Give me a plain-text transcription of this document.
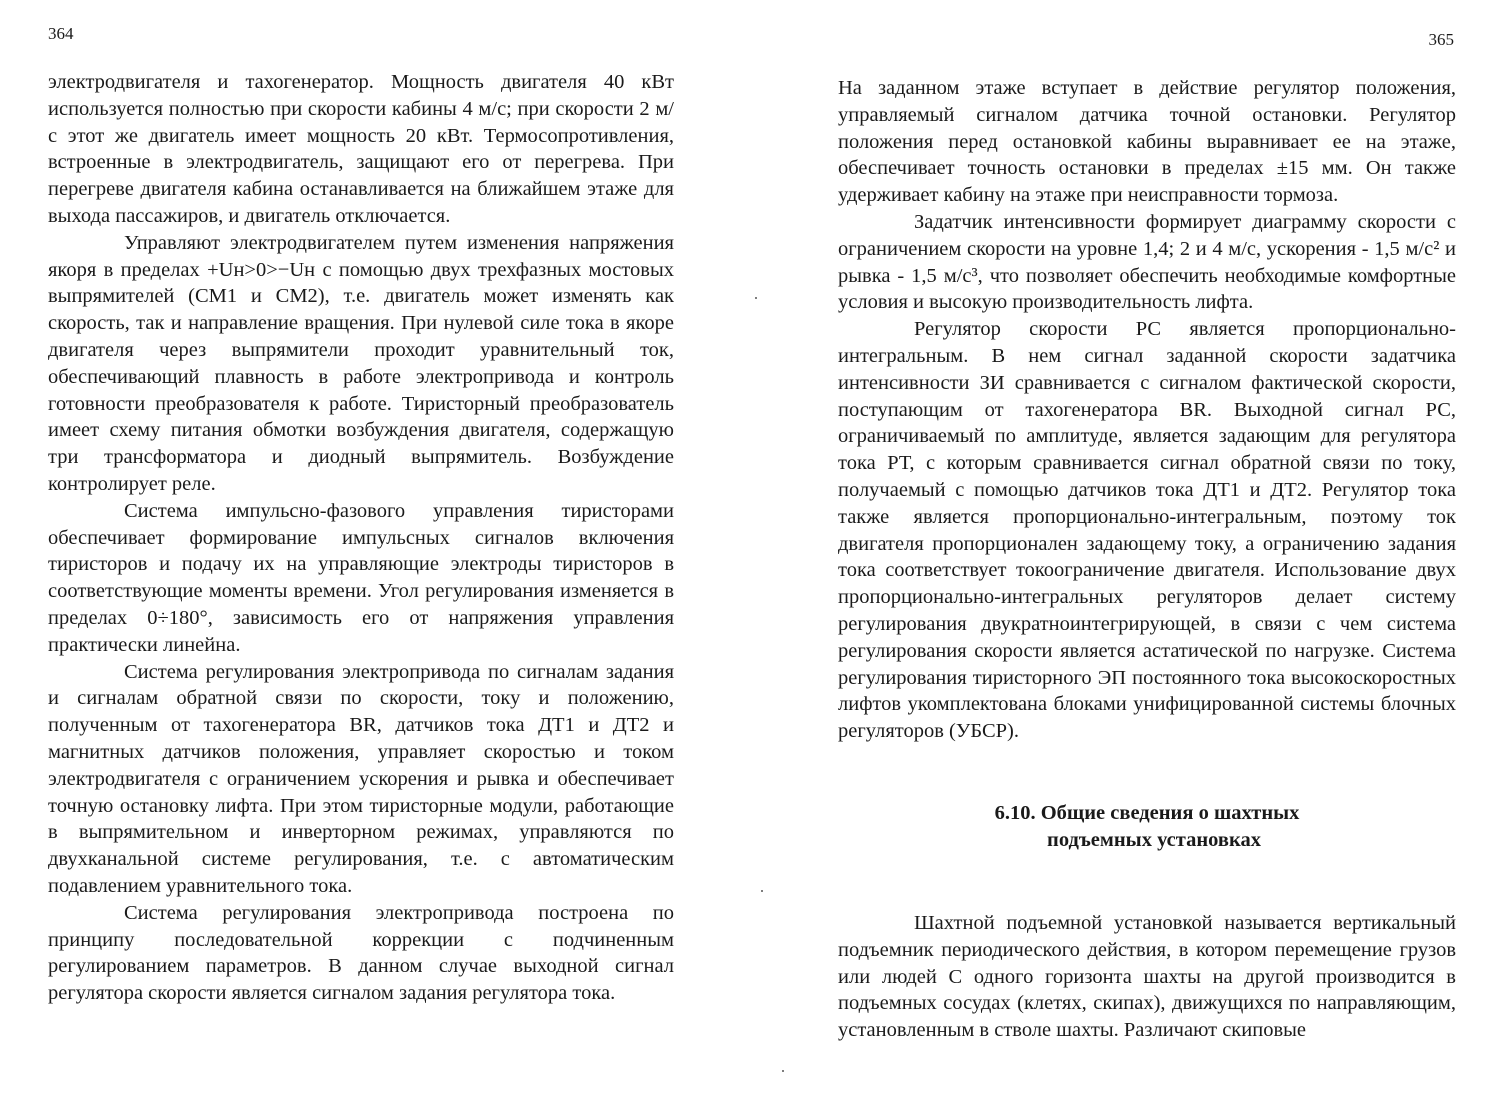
364

электродвигателя и тахогенератор. Мощность двигателя 40 кВт используется полностью при скорости кабины 4 м/с; при скорости 2 м/с этот же двигатель имеет мощность 20 кВт. Термосопротивления, встроенные в электродвигатель, защищают его от перегрева. При перегреве двигателя кабина останавливается на ближайшем этаже для выхода пассажиров, и двигатель отключается.

Управляют электродвигателем путем изменения напряжения якоря в пределах +Uн>0>−Uн с помощью двух трехфазных мостовых выпрямителей (СМ1 и СМ2), т.е. двигатель может изменять как скорость, так и направление вращения. При нулевой силе тока в якоре двигателя через выпрямители проходит уравнительный ток, обеспечивающий плавность в работе электропривода и контроль готовности преобразователя к работе. Тиристорный преобразователь имеет схему питания обмотки возбуждения двигателя, содержащую три трансформатора и диодный выпрямитель. Возбуждение контролирует реле.

Система импульсно-фазового управления тиристорами обеспечивает формирование импульсных сигналов включения тиристоров и подачу их на управляющие электроды тиристоров в соответствующие моменты времени. Угол регулирования изменяется в пределах 0÷180°, зависимость его от напряжения управления практически линейна.

Система регулирования электропривода по сигналам задания и сигналам обратной связи по скорости, току и положению, полученным от тахогенератора BR, датчиков тока ДТ1 и ДТ2 и магнитных датчиков положения, управляет скоростью и током электродвигателя с ограничением ускорения и рывка и обеспечивает точную остановку лифта. При этом тиристорные модули, работающие в выпрямительном и инверторном режимах, управляются по двухканальной системе регулирования, т.е. с автоматическим подавлением уравнительного тока.

Система регулирования электропривода построена по принципу последовательной коррекции с подчиненным регулированием параметров. В данном случае выходной сигнал регулятора скорости является сигналом задания регулятора тока.

365

На заданном этаже вступает в действие регулятор положения, управляемый сигналом датчика точной остановки. Регулятор положения перед остановкой кабины выравнивает ее на этаже, обеспечивает точность остановки в пределах ±15 мм. Он также удерживает кабину на этаже при неисправности тормоза.

Задатчик интенсивности формирует диаграмму скорости с ограничением скорости на уровне 1,4; 2 и 4 м/с, ускорения - 1,5 м/с² и рывка - 1,5 м/с³, что позволяет обеспечить необходимые комфортные условия и высокую производительность лифта.

Регулятор скорости РС является пропорционально-интегральным. В нем сигнал заданной скорости задатчика интенсивности ЗИ сравнивается с сигналом фактической скорости, поступающим от тахогенератора BR. Выходной сигнал РС, ограничиваемый по амплитуде, является задающим для регулятора тока РТ, с которым сравнивается сигнал обратной связи по току, получаемый с помощью датчиков тока ДТ1 и ДТ2. Регулятор тока также является пропорционально-интегральным, поэтому ток двигателя пропорционален задающему току, а ограничению задания тока соответствует токоограничение двигателя. Использование двух пропорционально-интегральных регуляторов делает систему регулирования двукратноинтегрирующей, в связи с чем система регулирования скорости является астатической по нагрузке. Система регулирования тиристорного ЭП постоянного тока высокоскоростных лифтов укомплектована блоками унифицированной системы блочных регуляторов (УБСР).

6.10. Общие сведения о шахтных
подъемных установках

Шахтной подъемной установкой называется вертикальный подъемник периодического действия, в котором перемещение грузов или людей С одного горизонта шахты на другой производится в подъемных сосудах (клетях, скипах), движущихся по направляющим, установленным в стволе шахты. Различают скиповые
